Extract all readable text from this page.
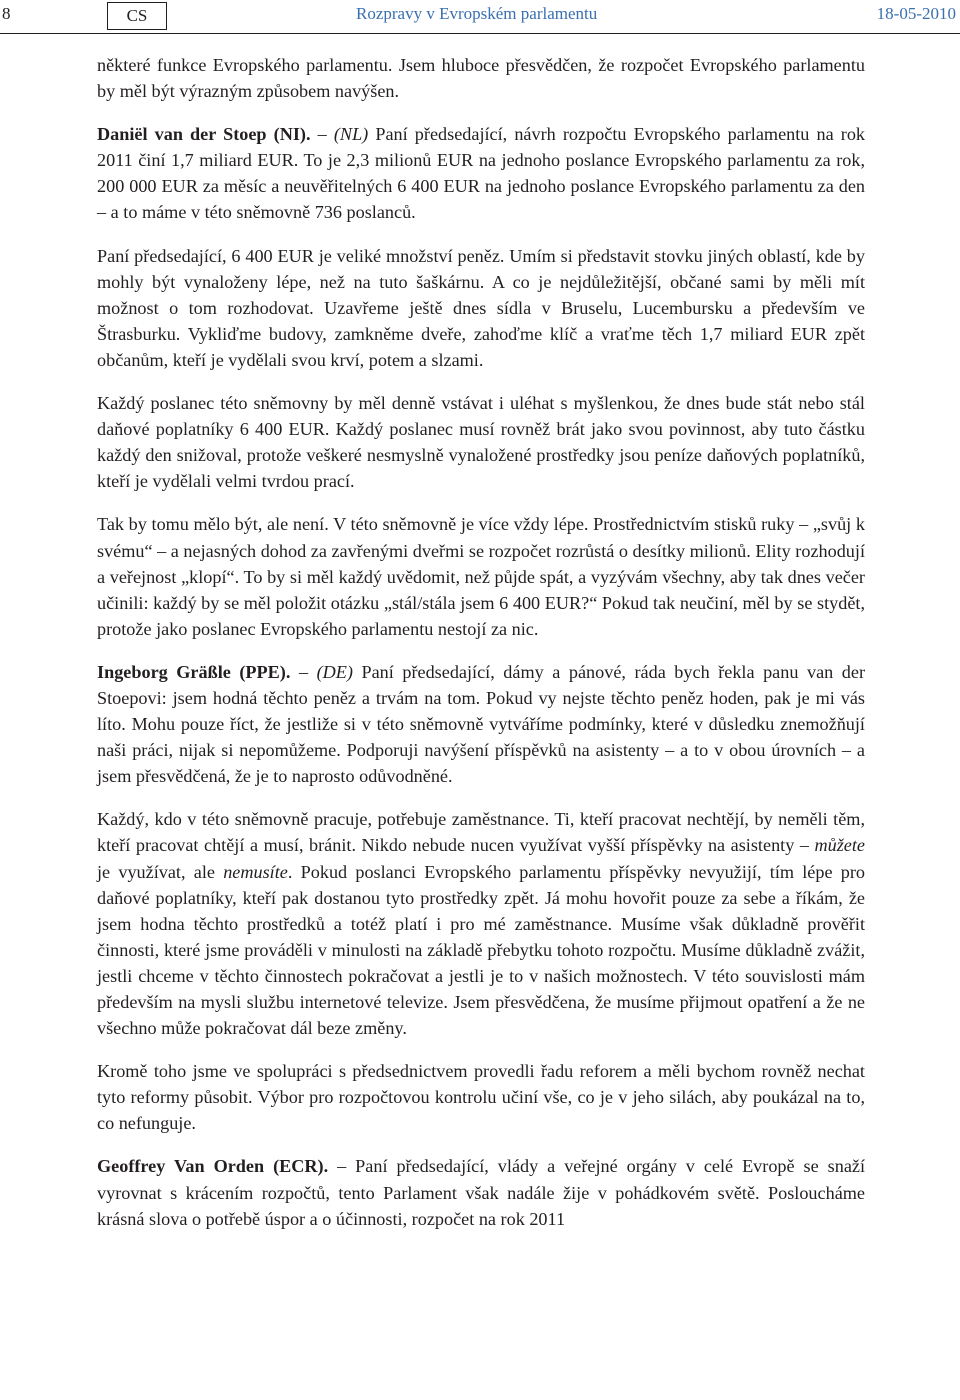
8	CS	Rozpravy v Evropském parlamentu	18-05-2010

některé funkce Evropského parlamentu. Jsem hluboce přesvědčen, že rozpočet Evropského parlamentu by měl být výrazným způsobem navýšen.

Daniël van der Stoep (NI). – (NL) Paní předsedající, návrh rozpočtu Evropského parlamentu na rok 2011 činí 1,7 miliard EUR. To je 2,3 milionů EUR na jednoho poslance Evropského parlamentu za rok, 200 000 EUR za měsíc a neuvěřitelných 6 400 EUR na jednoho poslance Evropského parlamentu za den – a to máme v této sněmovně 736 poslanců.

Paní předsedající, 6 400 EUR je veliké množství peněz. Umím si představit stovku jiných oblastí, kde by mohly být vynaloženy lépe, než na tuto šaškárnu. A co je nejdůležitější, občané sami by měli mít možnost o tom rozhodovat. Uzavřeme ještě dnes sídla v Bruselu, Lucembursku a především ve Štrasburku. Vykliďme budovy, zamkněme dveře, zahoďme klíč a vraťme těch 1,7 miliard EUR zpět občanům, kteří je vydělali svou krví, potem a slzami.

Každý poslanec této sněmovny by měl denně vstávat i uléhat s myšlenkou, že dnes bude stát nebo stál daňové poplatníky 6 400 EUR. Každý poslanec musí rovněž brát jako svou povinnost, aby tuto částku každý den snižoval, protože veškeré nesmyslně vynaložené prostředky jsou peníze daňových poplatníků, kteří je vydělali velmi tvrdou prací.

Tak by tomu mělo být, ale není. V této sněmovně je více vždy lépe. Prostřednictvím stisků ruky – „svůj k svému“ – a nejasných dohod za zavřenými dveřmi se rozpočet rozrůstá o desítky milionů. Elity rozhodují a veřejnost „klopí“. To by si měl každý uvědomit, než půjde spát, a vyzývám všechny, aby tak dnes večer učinili: každý by se měl položit otázku „stál/stála jsem 6 400 EUR?“ Pokud tak neučiní, měl by se stydět, protože jako poslanec Evropského parlamentu nestojí za nic.

Ingeborg Gräßle (PPE). – (DE) Paní předsedající, dámy a pánové, ráda bych řekla panu van der Stoepovi: jsem hodná těchto peněz a trvám na tom. Pokud vy nejste těchto peněz hoden, pak je mi vás líto. Mohu pouze říct, že jestliže si v této sněmovně vytváříme podmínky, které v důsledku znemožňují naši práci, nijak si nepomůžeme. Podporuji navýšení příspěvků na asistenty – a to v obou úrovních – a jsem přesvědčená, že je to naprosto odůvodněné.

Každý, kdo v této sněmovně pracuje, potřebuje zaměstnance. Ti, kteří pracovat nechtějí, by neměli těm, kteří pracovat chtějí a musí, bránit. Nikdo nebude nucen využívat vyšší příspěvky na asistenty – můžete je využívat, ale nemusíte. Pokud poslanci Evropského parlamentu příspěvky nevyužijí, tím lépe pro daňové poplatníky, kteří pak dostanou tyto prostředky zpět. Já mohu hovořit pouze za sebe a říkám, že jsem hodna těchto prostředků a totéž platí i pro mé zaměstnance. Musíme však důkladně prověřit činnosti, které jsme prováděli v minulosti na základě přebytku tohoto rozpočtu. Musíme důkladně zvážit, jestli chceme v těchto činnostech pokračovat a jestli je to v našich možnostech. V této souvislosti mám především na mysli službu internetové televize. Jsem přesvědčena, že musíme přijmout opatření a že ne všechno může pokračovat dál beze změny.

Kromě toho jsme ve spolupráci s předsednictvem provedli řadu reforem a měli bychom rovněž nechat tyto reformy působit. Výbor pro rozpočtovou kontrolu učiní vše, co je v jeho silách, aby poukázal na to, co nefunguje.

Geoffrey Van Orden (ECR). – Paní předsedající, vlády a veřejné orgány v celé Evropě se snaží vyrovnat s krácením rozpočtů, tento Parlament však nadále žije v pohádkovém světě. Posloucháme krásná slova o potřebě úspor a o účinnosti, rozpočet na rok 2011
